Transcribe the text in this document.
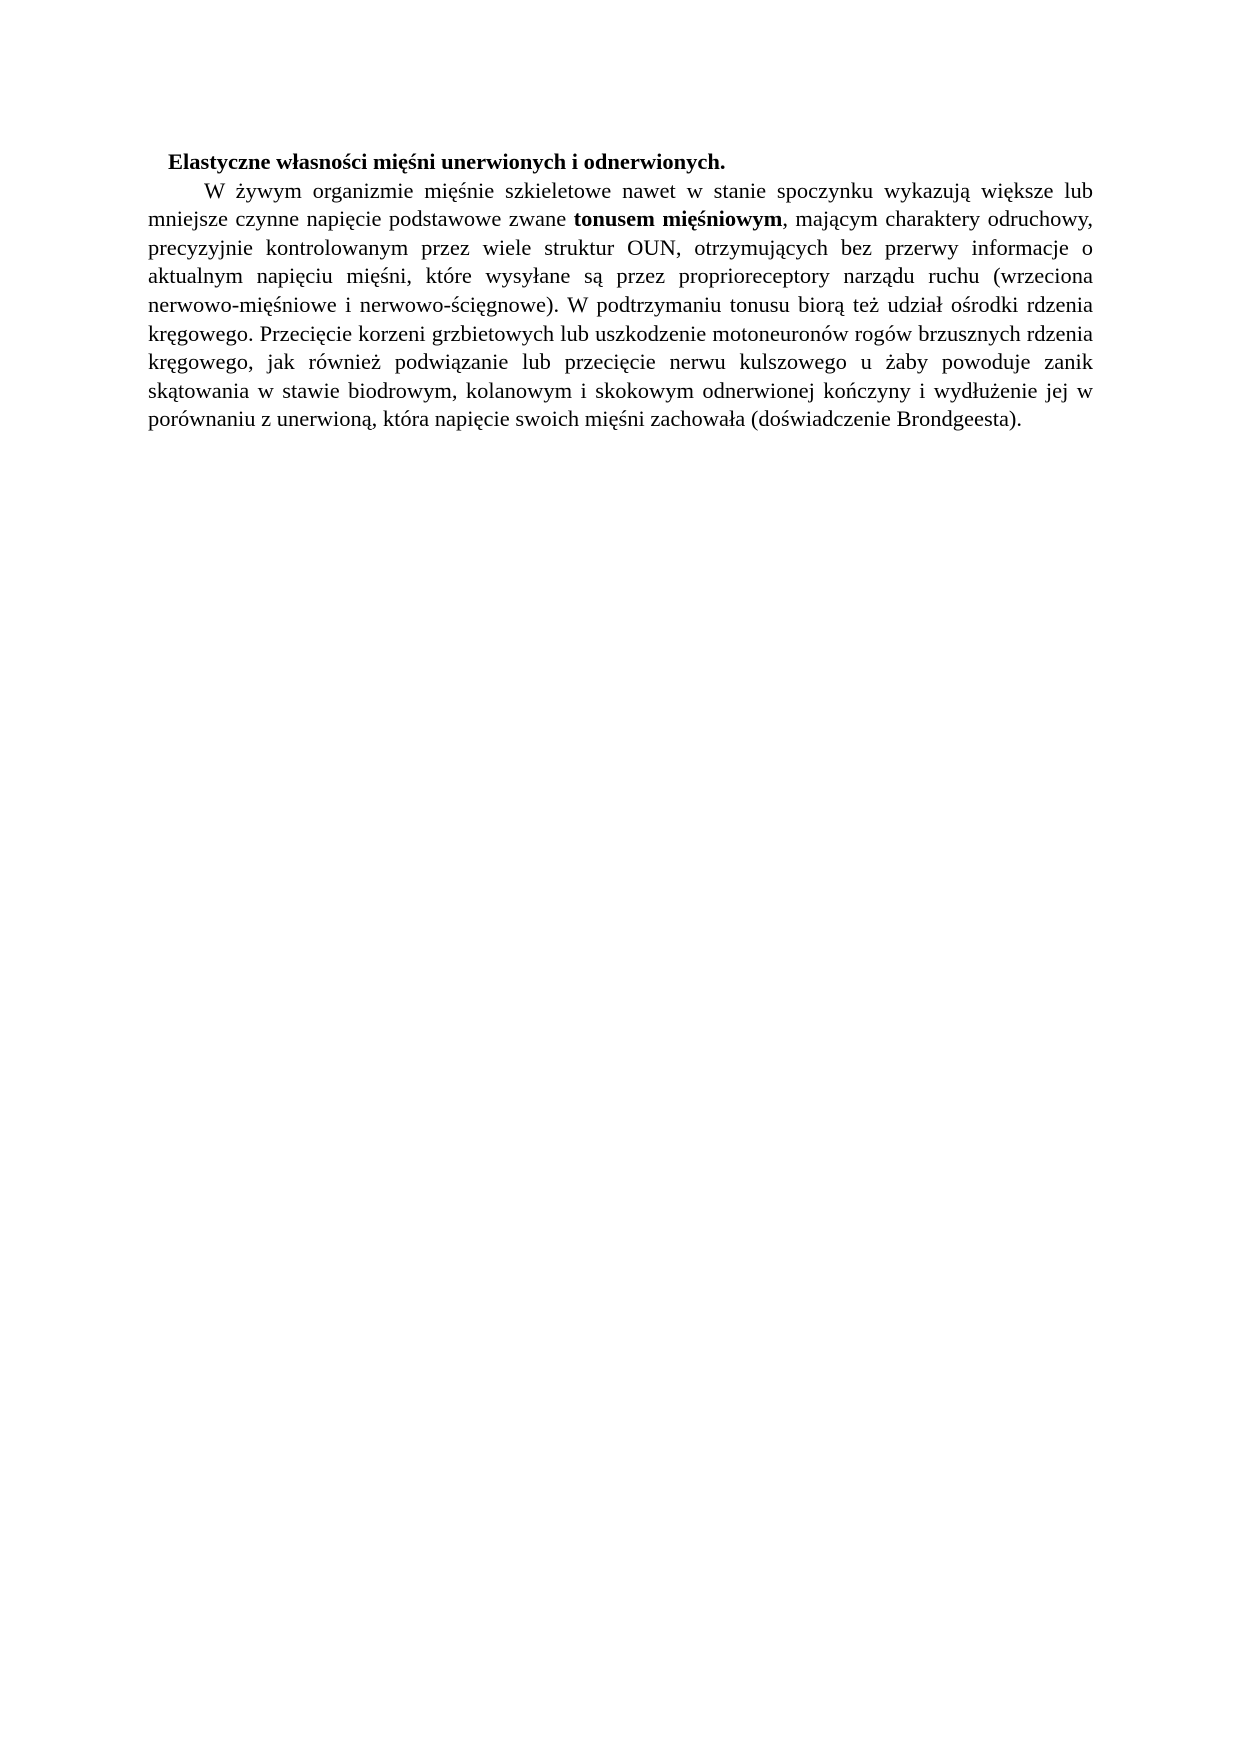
Elastyczne własności mięśni unerwionych i odnerwionych.

W żywym organizmie mięśnie szkieletowe nawet w stanie spoczynku wykazują większe lub mniejsze czynne napięcie podstawowe zwane tonusem mięśniowym, mającym charaktery odruchowy, precyzyjnie kontrolowanym przez wiele struktur OUN, otrzymujących bez przerwy informacje o aktualnym napięciu mięśni, które wysyłane są przez proprioreceptory narządu ruchu (wrzeciona nerwowo-mięśniowe i nerwowo-ścięgnowe). W podtrzymaniu tonusu biorą też udział ośrodki rdzenia kręgowego. Przecięcie korzeni grzbietowych lub uszkodzenie motoneuronów rogów brzusznych rdzenia kręgowego, jak również podwiązanie lub przecięcie nerwu kulszowego u żaby powoduje zanik skątowania w stawie biodrowym, kolanowym i skokowym odnerwionej kończyny i wydłużenie jej w porównaniu z unerwioną, która napięcie swoich mięśni zachowała (doświadczenie Brondgeesta).
